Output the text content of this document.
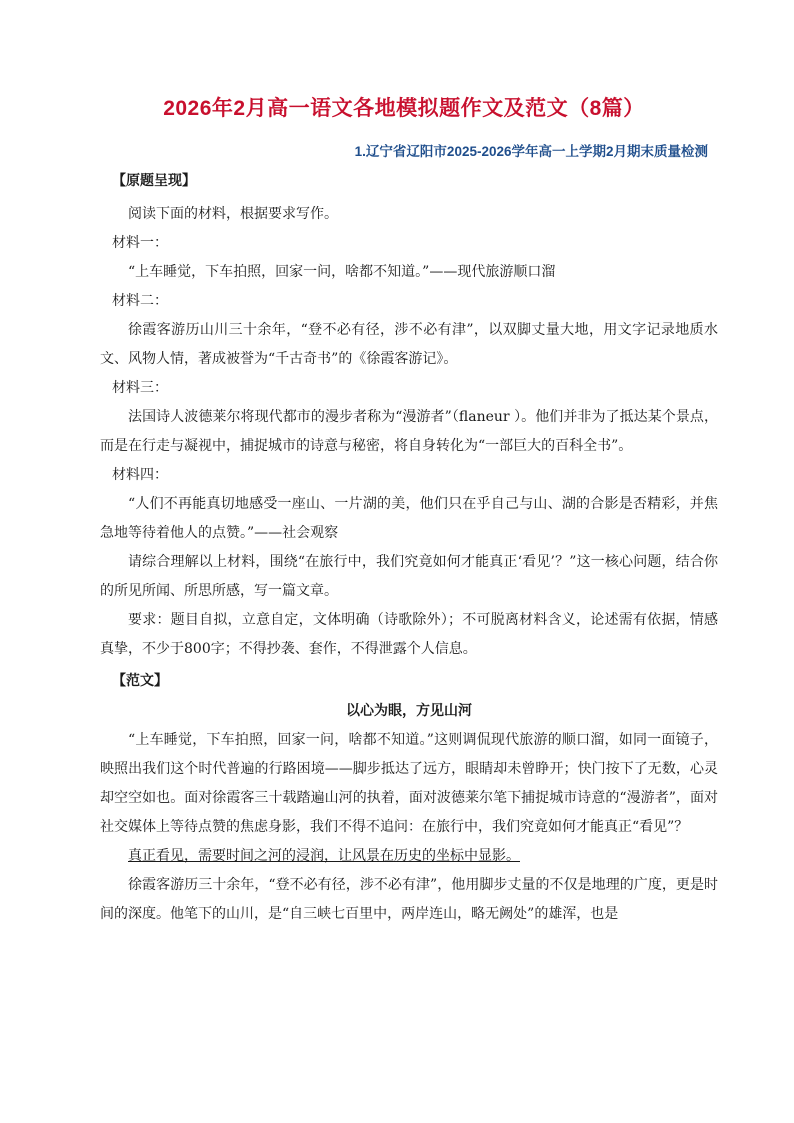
2026年2月高一语文各地模拟题作文及范文（8篇）
1.辽宁省辽阳市2025-2026学年高一上学期2月期末质量检测
【原题呈现】

阅读下面的材料，根据要求写作。

材料一：

“上车睡觉，下车拍照，回家一问，啥都不知道。”——现代旅游顺口溜

材料二：

徐霞客游历山川三十余年，“登不必有径，涉不必有津”，以双脚丈量大地，用文字记录地质水文、风物人情，著成被誉为“千古奇书”的《徐霞客游记》。

材料三：

法国诗人波德莱尔将现代都市的漫步者称为“漫游者”（flaneur ）。他们并非为了抵达某个景点，而是在行走与凝视中，捕捉城市的诗意与秘密，将自身转化为“一部巨大的百科全书”。

材料四：

“人们不再能真切地感受一座山、一片湖的美，他们只在乎自己与山、湖的合影是否精彩，并焦急地等待着他人的点赞。”——社会观察

请综合理解以上材料，围绕“在旅行中，我们究竟如何才能真正‘看见’？”这一核心问题，结合你的所见所闻、所思所感，写一篇文章。

要求：题目自拟，立意自定，文体明确（诗歌除外）；不可脱离材料含义，论述需有依据，情感真挚，不少于800字；不得抄袭、套作，不得泄露个人信息。

【范文】
以心为眼，方见山河

“上车睡觉，下车拍照，回家一问，啥都不知道。”这则调侃现代旅游的顺口溜，如同一面镜子，映照出我们这个时代普遍的行路困境——脚步抵达了远方，眼睛却未曾睁开；快门按下了无数，心灵却空空如也。面对徐霞客三十载踏遍山河的执着，面对波德莱尔笔下捕捉城市诗意的“漫游者”，面对社交媒体上等待点赞的焦虑身影，我们不得不追问：在旅行中，我们究竟如何才能真正“看见”？

真正看见，需要时间之河的浸润，让风景在历史的坐标中显影。

徐霞客游历三十余年，“登不必有径，涉不必有津”，他用脚步丈量的不仅是地理的广度，更是时间的深度。他笔下的山川，是“自三峡七百里中，两岸连山，略无阙处”的雄浑，也是
